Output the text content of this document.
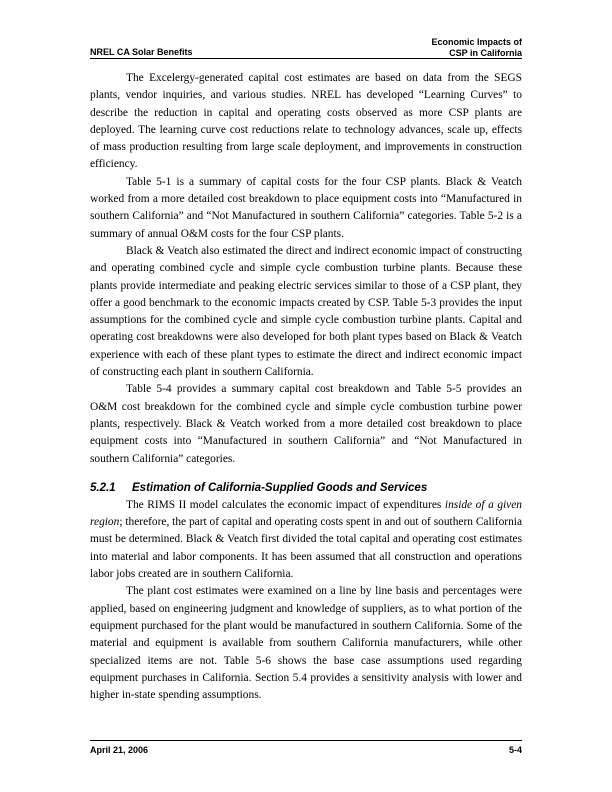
NREL CA Solar Benefits
Economic Impacts of
CSP in California

The Excelergy-generated capital cost estimates are based on data from the SEGS plants, vendor inquiries, and various studies. NREL has developed “Learning Curves” to describe the reduction in capital and operating costs observed as more CSP plants are deployed. The learning curve cost reductions relate to technology advances, scale up, effects of mass production resulting from large scale deployment, and improvements in construction efficiency.

Table 5-1 is a summary of capital costs for the four CSP plants. Black & Veatch worked from a more detailed cost breakdown to place equipment costs into “Manufactured in southern California” and “Not Manufactured in southern California” categories. Table 5-2 is a summary of annual O&M costs for the four CSP plants.

Black & Veatch also estimated the direct and indirect economic impact of constructing and operating combined cycle and simple cycle combustion turbine plants. Because these plants provide intermediate and peaking electric services similar to those of a CSP plant, they offer a good benchmark to the economic impacts created by CSP. Table 5-3 provides the input assumptions for the combined cycle and simple cycle combustion turbine plants. Capital and operating cost breakdowns were also developed for both plant types based on Black & Veatch experience with each of these plant types to estimate the direct and indirect economic impact of constructing each plant in southern California.

Table 5-4 provides a summary capital cost breakdown and Table 5-5 provides an O&M cost breakdown for the combined cycle and simple cycle combustion turbine power plants, respectively. Black & Veatch worked from a more detailed cost breakdown to place equipment costs into “Manufactured in southern California” and “Not Manufactured in southern California” categories.

5.2.1 Estimation of California-Supplied Goods and Services

The RIMS II model calculates the economic impact of expenditures inside of a given region; therefore, the part of capital and operating costs spent in and out of southern California must be determined. Black & Veatch first divided the total capital and operating cost estimates into material and labor components. It has been assumed that all construction and operations labor jobs created are in southern California.

The plant cost estimates were examined on a line by line basis and percentages were applied, based on engineering judgment and knowledge of suppliers, as to what portion of the equipment purchased for the plant would be manufactured in southern California. Some of the material and equipment is available from southern California manufacturers, while other specialized items are not. Table 5-6 shows the base case assumptions used regarding equipment purchases in California. Section 5.4 provides a sensitivity analysis with lower and higher in-state spending assumptions.

April 21, 2006	5-4
